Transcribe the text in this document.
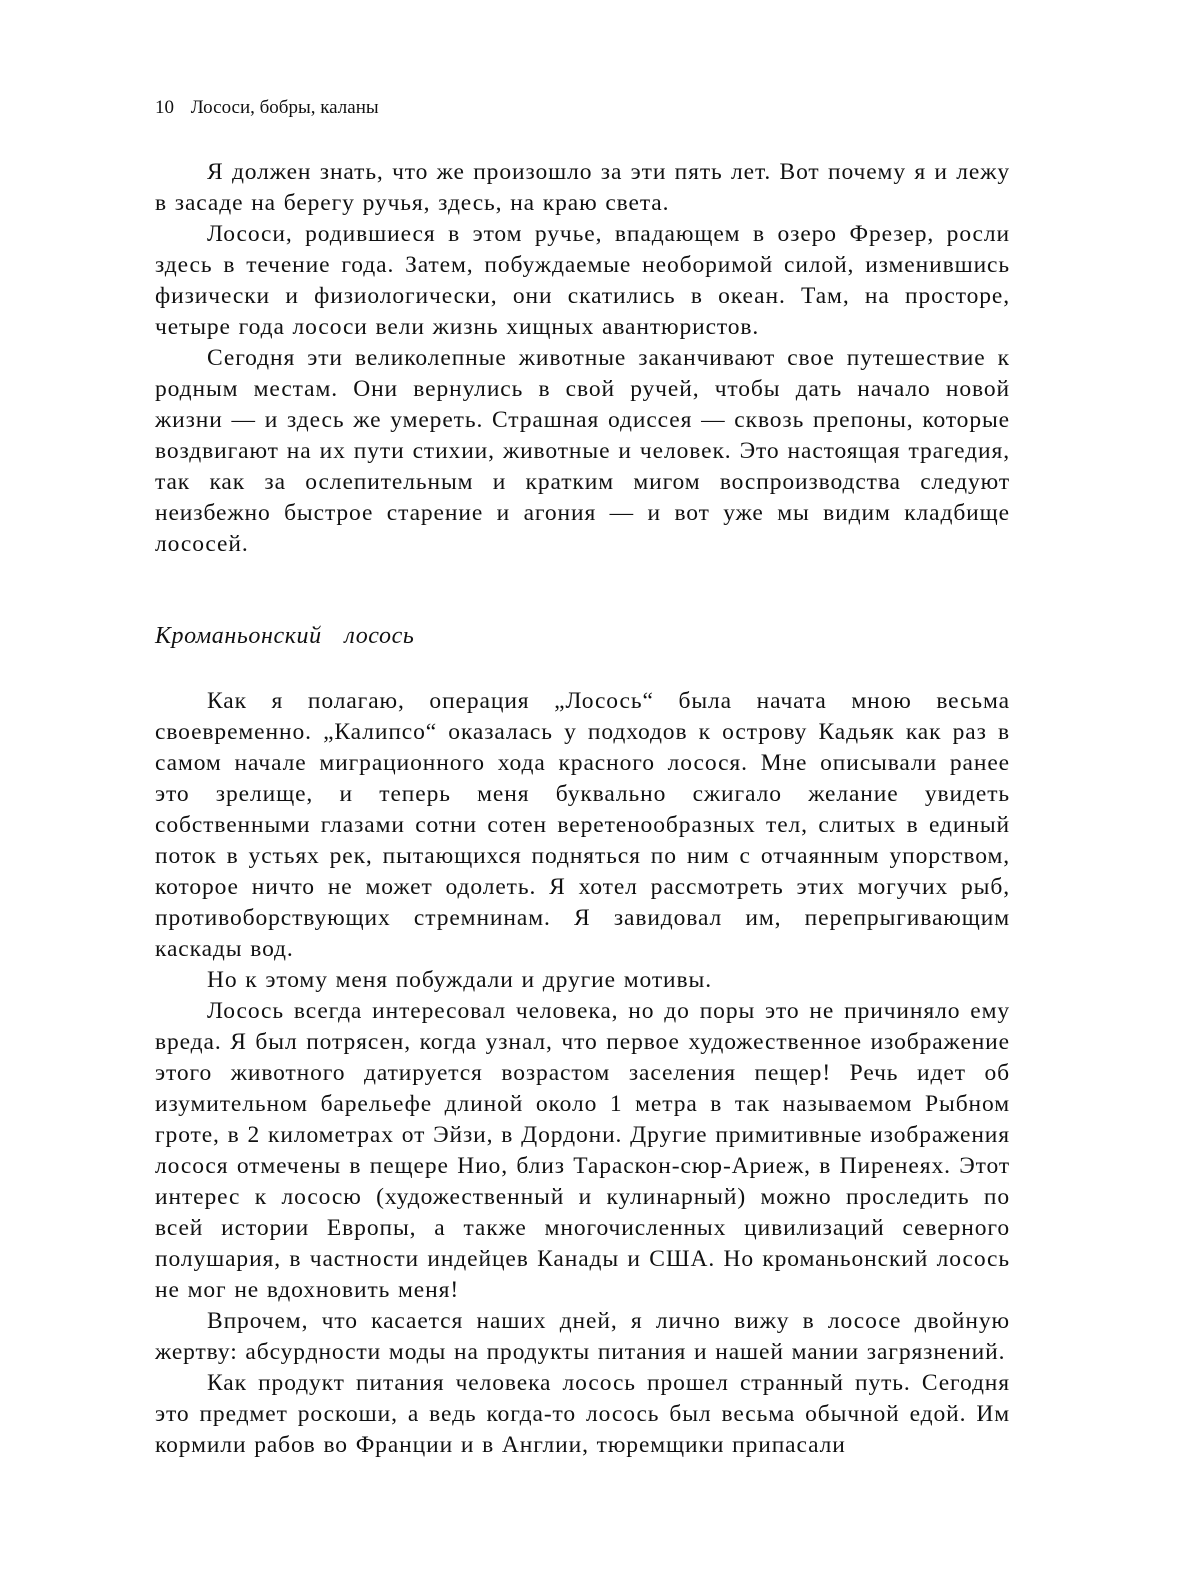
10 Лососи, бобры, каланы

Я должен знать, что же произошло за эти пять лет. Вот почему я и лежу в засаде на берегу ручья, здесь, на краю света.

Лососи, родившиеся в этом ручье, впадающем в озеро Фрезер, росли здесь в течение года. Затем, побуждаемые необоримой силой, изменившись физически и физиологически, они скатились в океан. Там, на просторе, четыре года лососи вели жизнь хищных авантюристов.

Сегодня эти великолепные животные заканчивают свое путешествие к родным местам. Они вернулись в свой ручей, чтобы дать начало новой жизни — и здесь же умереть. Страшная одиссея — сквозь препоны, которые воздвигают на их пути стихии, животные и человек. Это настоящая трагедия, так как за ослепительным и кратким мигом воспроизводства следуют неизбежно быстрое старение и агония — и вот уже мы видим кладбище лососей.

Кроманьонский лосось

Как я полагаю, операция „Лосось“ была начата мною весьма своевременно. „Калипсо“ оказалась у подходов к острову Кадьяк как раз в самом начале миграционного хода красного лосося. Мне описывали ранее это зрелище, и теперь меня буквально сжигало желание увидеть собственными глазами сотни сотен веретенообразных тел, слитых в единый поток в устьях рек, пытающихся подняться по ним с отчаянным упорством, которое ничто не может одолеть. Я хотел рассмотреть этих могучих рыб, противоборствующих стремнинам. Я завидовал им, перепрыгивающим каскады вод.

Но к этому меня побуждали и другие мотивы.

Лосось всегда интересовал человека, но до поры это не причиняло ему вреда. Я был потрясен, когда узнал, что первое художественное изображение этого животного датируется возрастом заселения пещер! Речь идет об изумительном барельефе длиной около 1 метра в так называемом Рыбном гроте, в 2 километрах от Эйзи, в Дордони. Другие примитивные изображения лосося отмечены в пещере Нио, близ Тараскон-сюр-Ариеж, в Пиренеях. Этот интерес к лососю (художественный и кулинарный) можно проследить по всей истории Европы, а также многочисленных цивилизаций северного полушария, в частности индейцев Канады и США. Но кроманьонский лосось не мог не вдохновить меня!

Впрочем, что касается наших дней, я лично вижу в лососе двойную жертву: абсурдности моды на продукты питания и нашей мании загрязнений.

Как продукт питания человека лосось прошел странный путь. Сегодня это предмет роскоши, а ведь когда-то лосось был весьма обычной едой. Им кормили рабов во Франции и в Англии, тюремщики припасали
